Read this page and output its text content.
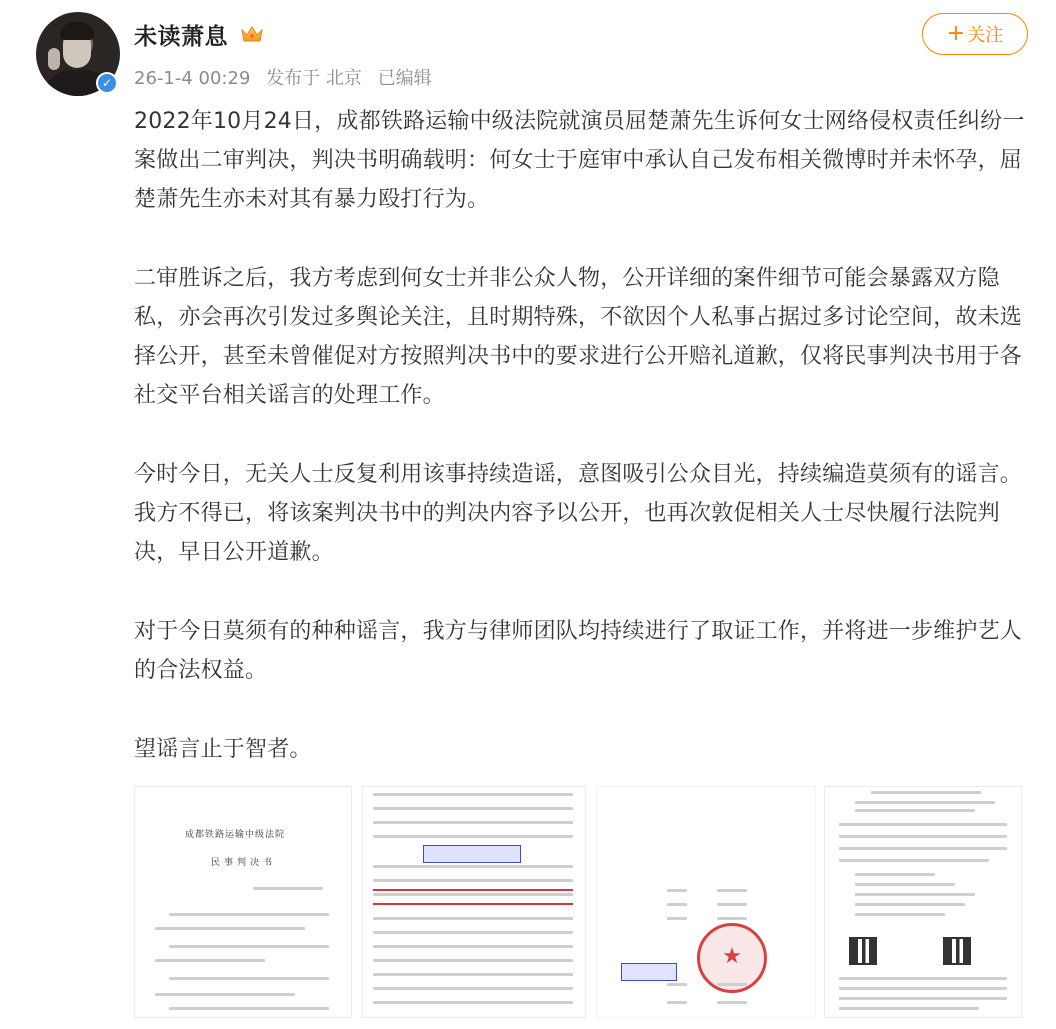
✓
未读萧息
26-1-4 00:29 发布于 北京 已编辑
+ 关注

2022年10月24日，成都铁路运输中级法院就演员屈楚萧先生诉何女士网络侵权责任纠纷一案做出二审判决，判决书明确载明：何女士于庭审中承认自己发布相关微博时并未怀孕，屈楚萧先生亦未对其有暴力殴打行为。

二审胜诉之后，我方考虑到何女士并非公众人物，公开详细的案件细节可能会暴露双方隐私，亦会再次引发过多舆论关注，且时期特殊，不欲因个人私事占据过多讨论空间，故未选择公开，甚至未曾催促对方按照判决书中的要求进行公开赔礼道歉，仅将民事判决书用于各社交平台相关谣言的处理工作。

今时今日，无关人士反复利用该事持续造谣，意图吸引公众目光，持续编造莫须有的谣言。我方不得已，将该案判决书中的判决内容予以公开，也再次敦促相关人士尽快履行法院判决，早日公开道歉。

对于今日莫须有的种种谣言，我方与律师团队均持续进行了取证工作，并将进一步维护艺人的合法权益。

望谣言止于智者。

成都铁路运输中级法院
民事判决书
★
